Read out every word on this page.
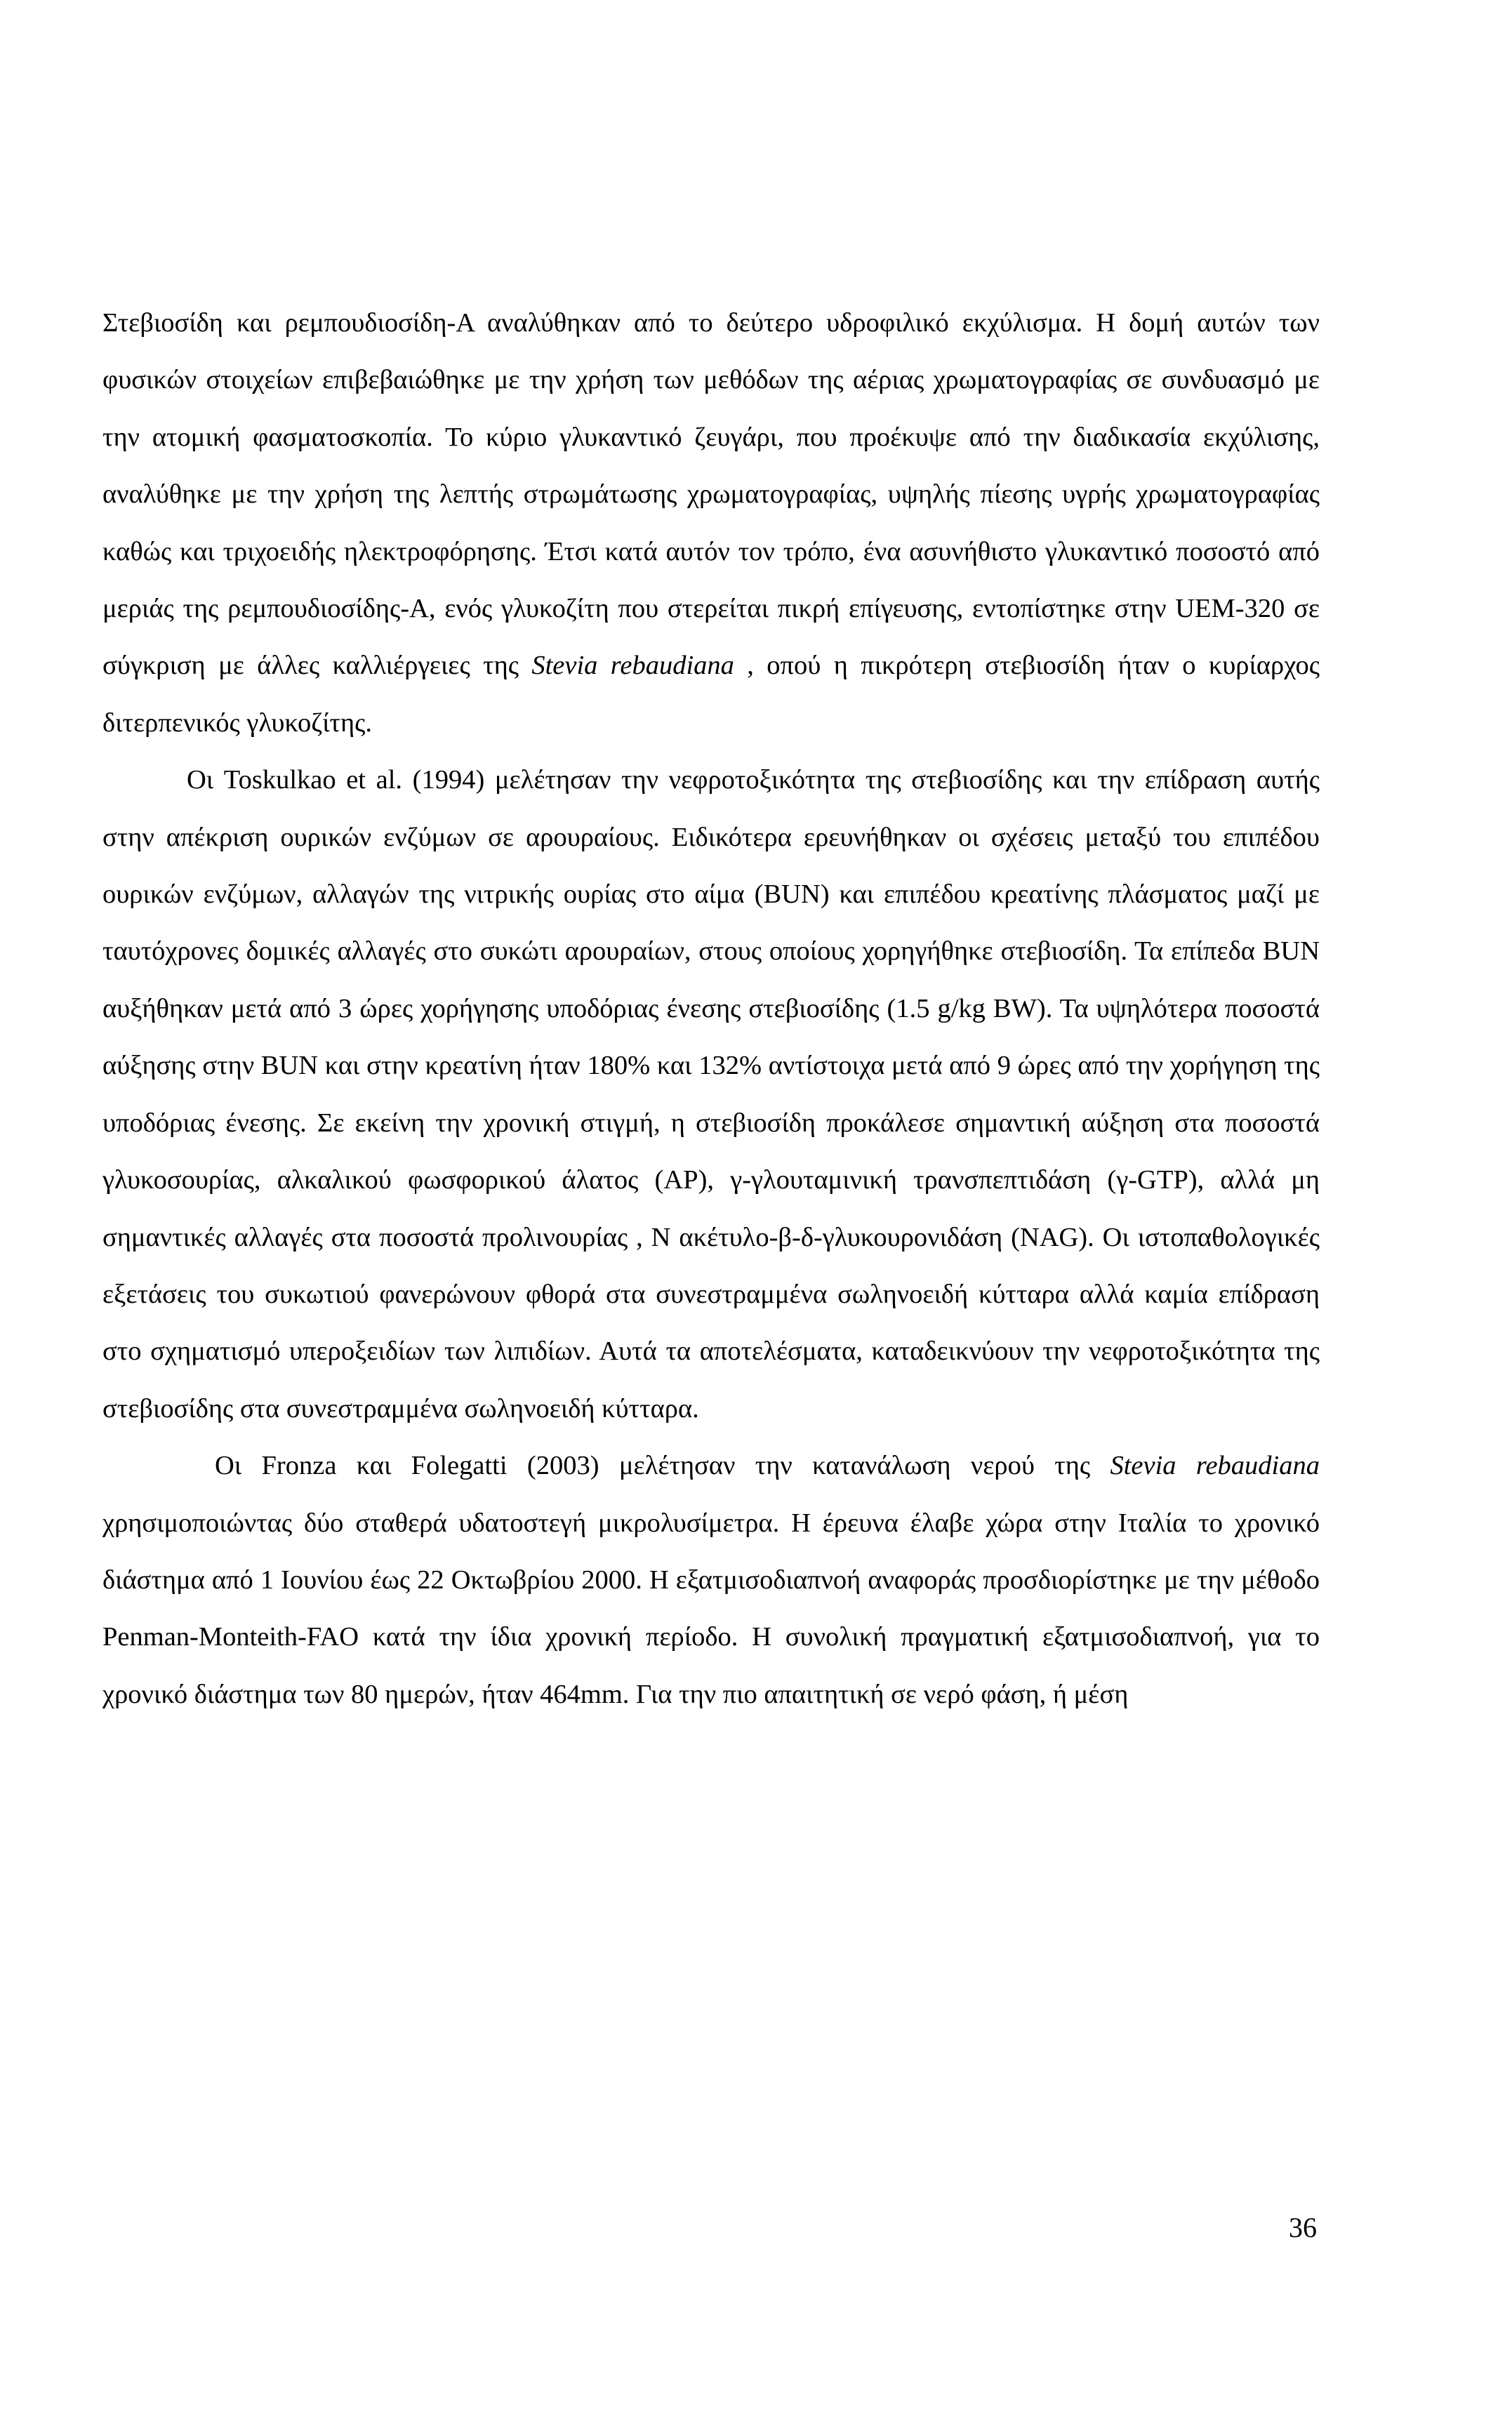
Στεβιοσίδη και ρεμπουδιοσίδη-Α αναλύθηκαν από το δεύτερο υδροφιλικό εκχύλισμα. Η δομή αυτών των φυσικών στοιχείων επιβεβαιώθηκε με την χρήση των μεθόδων της αέριας χρωματογραφίας σε συνδυασμό με την ατομική φασματοσκοπία. Το κύριο γλυκαντικό ζευγάρι, που προέκυψε από την διαδικασία εκχύλισης, αναλύθηκε με την χρήση της λεπτής στρωμάτωσης χρωματογραφίας, υψηλής πίεσης υγρής χρωματογραφίας καθώς και τριχοειδής ηλεκτροφόρησης. Έτσι κατά αυτόν τον τρόπο, ένα ασυνήθιστο γλυκαντικό ποσοστό από μεριάς της ρεμπουδιοσίδης-Α, ενός γλυκοζίτη που στερείται πικρή επίγευσης, εντοπίστηκε στην UEM-320 σε σύγκριση με άλλες καλλιέργειες της Stevia rebaudiana , οπού η πικρότερη στεβιοσίδη ήταν ο κυρίαρχος διτερπενικός γλυκοζίτης.

Οι Toskulkao et al. (1994) μελέτησαν την νεφροτοξικότητα της στεβιοσίδης και την επίδραση αυτής στην απέκριση ουρικών ενζύμων σε αρουραίους. Ειδικότερα ερευνήθηκαν οι σχέσεις μεταξύ του επιπέδου ουρικών ενζύμων, αλλαγών της νιτρικής ουρίας στο αίμα (BUN) και επιπέδου κρεατίνης πλάσματος μαζί με ταυτόχρονες δομικές αλλαγές στο συκώτι αρουραίων, στους οποίους χορηγήθηκε στεβιοσίδη. Τα επίπεδα BUN αυξήθηκαν μετά από 3 ώρες χορήγησης υποδόριας ένεσης στεβιοσίδης (1.5 g/kg BW). Τα υψηλότερα ποσοστά αύξησης στην BUN και στην κρεατίνη ήταν 180% και 132% αντίστοιχα μετά από 9 ώρες από την χορήγηση της υποδόριας ένεσης. Σε εκείνη την χρονική στιγμή, η στεβιοσίδη προκάλεσε σημαντική αύξηση στα ποσοστά γλυκοσουρίας, αλκαλικού φωσφορικού άλατος (AP), γ-γλουταμινική τρανσπεπτιδάση (γ-GTP), αλλά μη σημαντικές αλλαγές στα ποσοστά προλινουρίας , N ακέτυλο-β-δ-γλυκουρονιδάση (NAG). Οι ιστοπαθολογικές εξετάσεις του συκωτιού φανερώνουν φθορά στα συνεστραμμένα σωληνοειδή κύτταρα αλλά καμία επίδραση στο σχηματισμό υπεροξειδίων των λιπιδίων. Αυτά τα αποτελέσματα, καταδεικνύουν την νεφροτοξικότητα της στεβιοσίδης στα συνεστραμμένα σωληνοειδή κύτταρα.

Οι Fronza και Folegatti (2003) μελέτησαν την κατανάλωση νερού της Stevia rebaudiana χρησιμοποιώντας δύο σταθερά υδατοστεγή μικρολυσίμετρα. Η έρευνα έλαβε χώρα στην Ιταλία το χρονικό διάστημα από 1 Ιουνίου έως 22 Οκτωβρίου 2000. Η εξατμισοδιαπνοή αναφοράς προσδιορίστηκε με την μέθοδο Penman-Monteith-FAO κατά την ίδια χρονική περίοδο. Η συνολική πραγματική εξατμισοδιαπνοή, για το χρονικό διάστημα των 80 ημερών, ήταν 464mm. Για την πιο απαιτητική σε νερό φάση, ή μέση

36
